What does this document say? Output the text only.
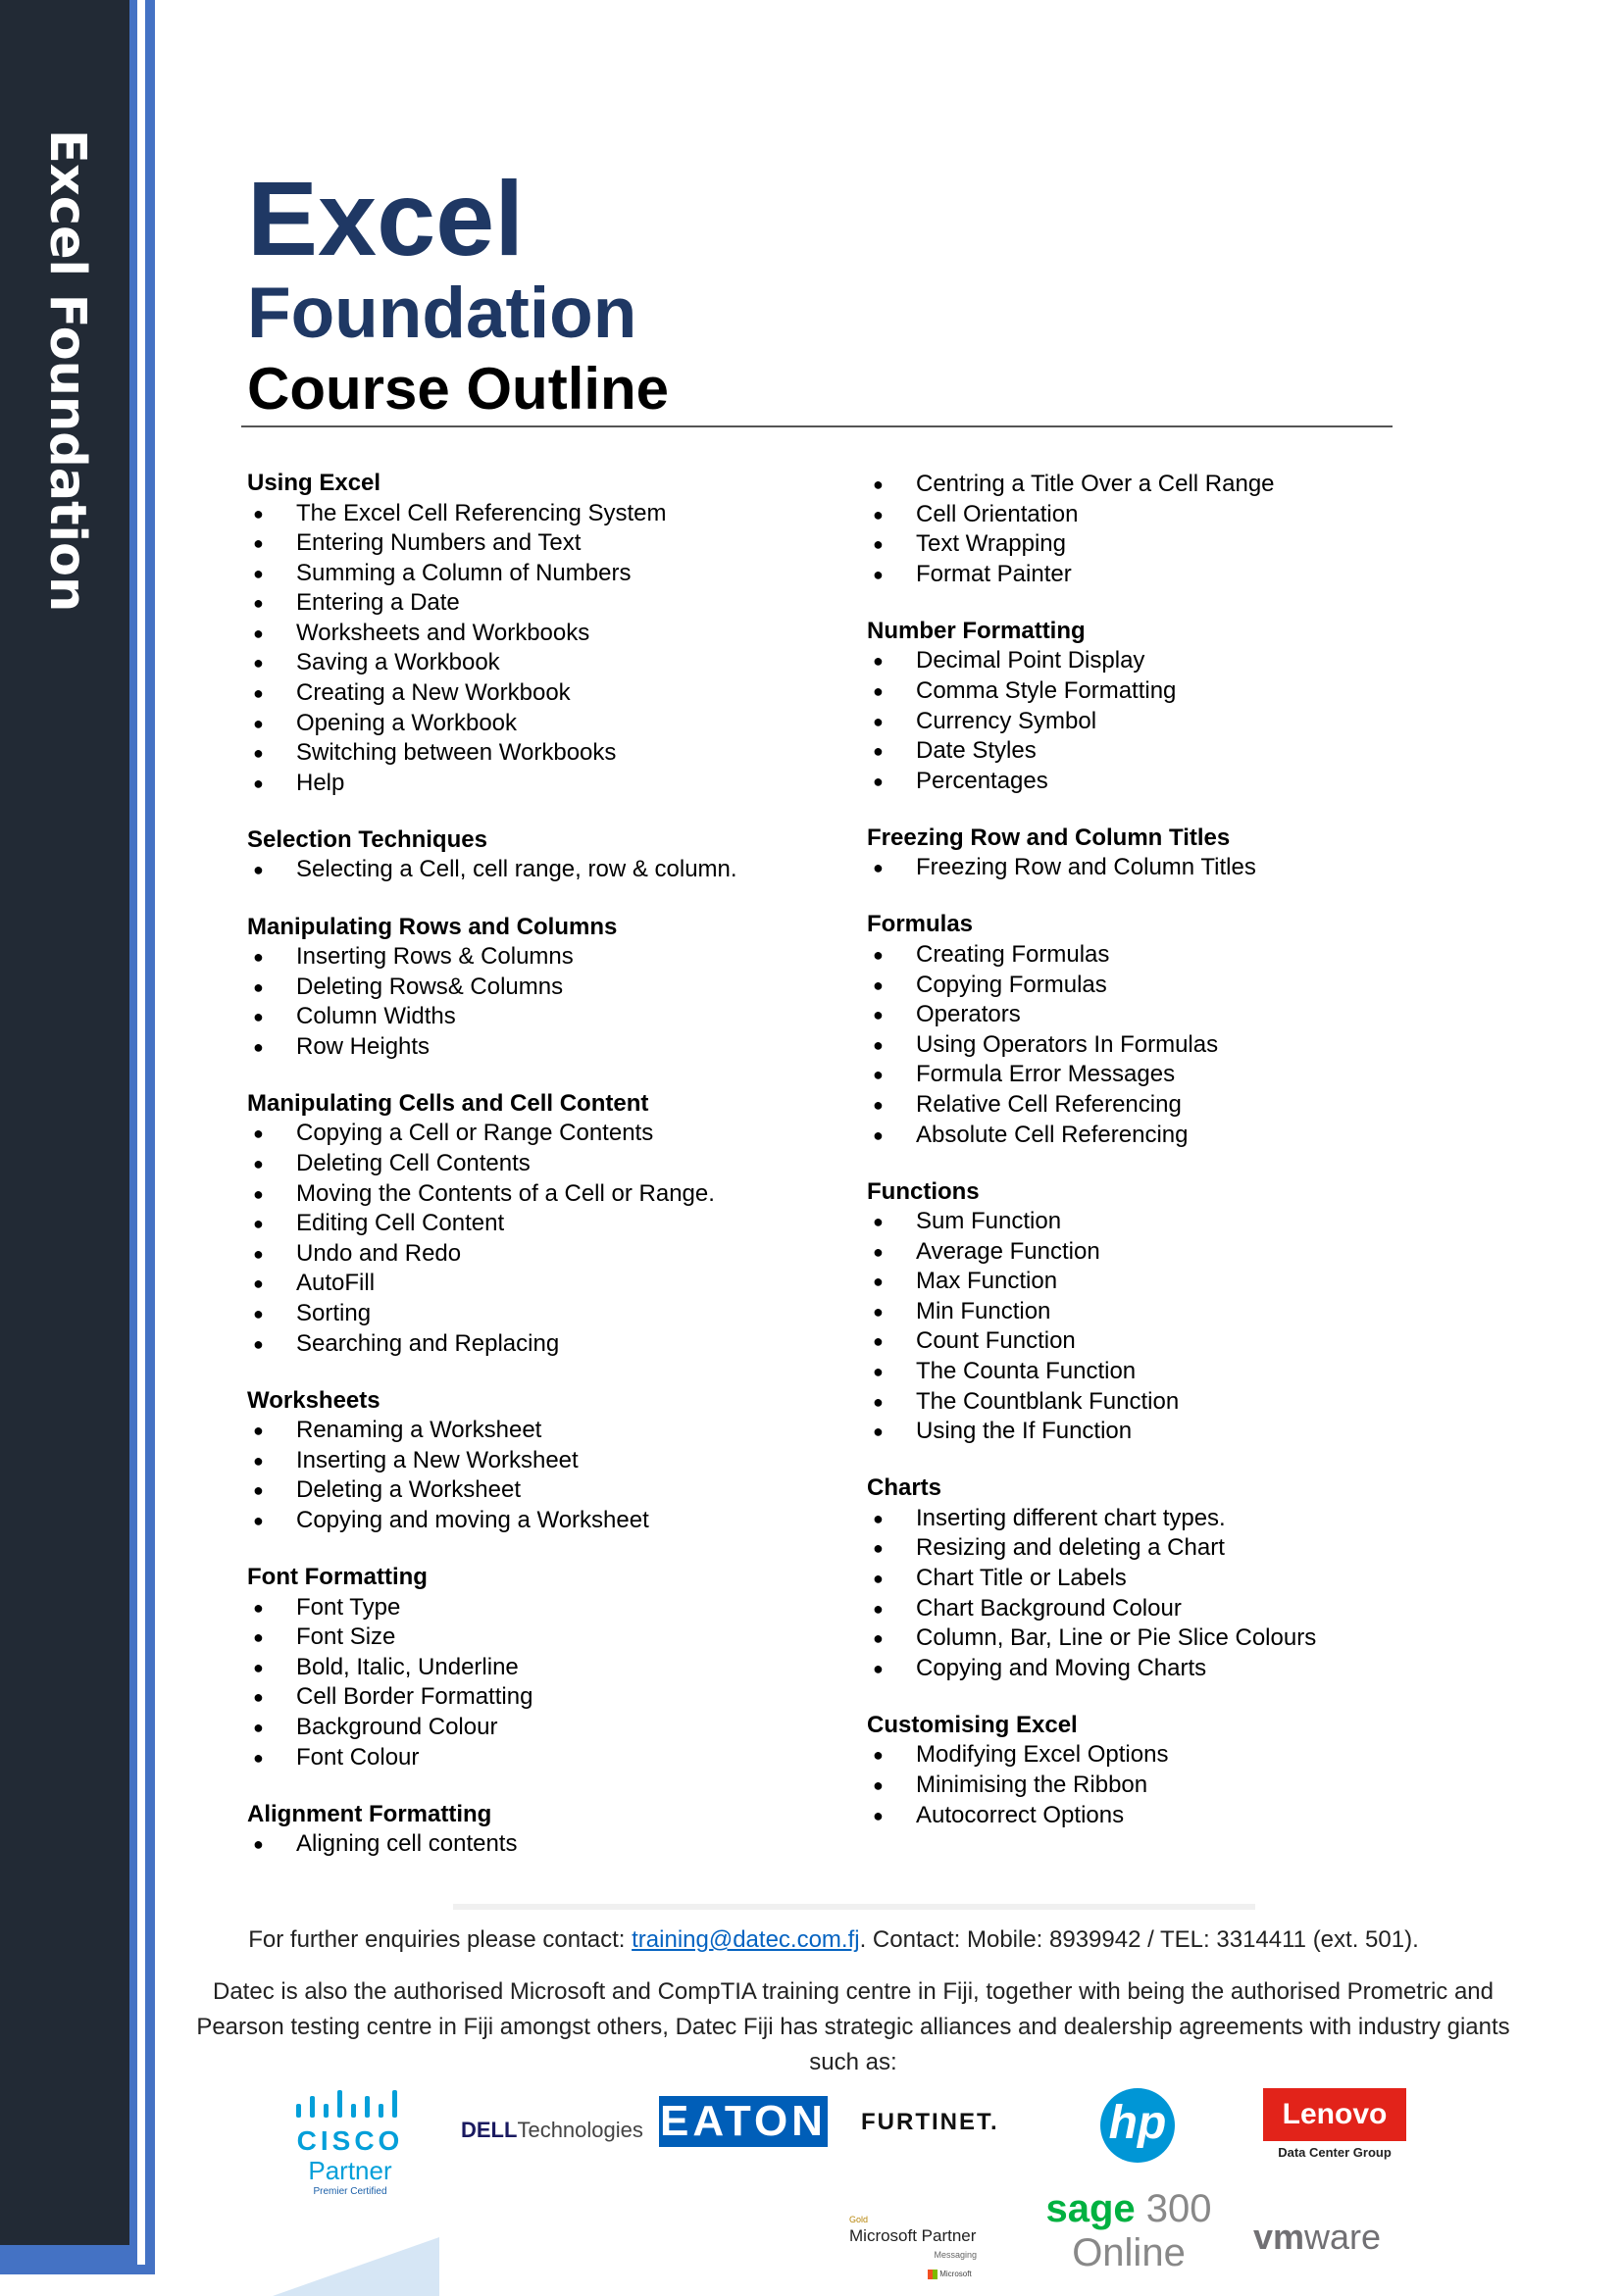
Excel Foundation Excel
Foundation
Course Outline
Using Excel
● The Excel Cell Referencing System
● Entering Numbers and Text
● Summing a Column of Numbers
● Entering a Date
● Worksheets and Workbooks
● Saving a Workbook
● Creating a New Workbook
● Opening a Workbook
● Switching between Workbooks
● Help
Selection Techniques
● Selecting a Cell, cell range, row & column.
Manipulating Rows and Columns
● Inserting Rows & Columns
● Deleting Rows& Columns
● Column Widths
● Row Heights
Manipulating Cells and Cell Content
● Copying a Cell or Range Contents
● Deleting Cell Contents
● Moving the Contents of a Cell or Range.
● Editing Cell Content
● Undo and Redo
● AutoFill
● Sorting
● Searching and Replacing
Worksheets
● Renaming a Worksheet
● Inserting a New Worksheet
● Deleting a Worksheet
● Copying and moving a Worksheet
Font Formatting
● Font Type
● Font Size
● Bold, Italic, Underline
● Cell Border Formatting
● Background Colour
● Font Colour
Alignment Formatting
● Aligning cell contents
● Centring a Title Over a Cell Range
● Cell Orientation
● Text Wrapping
● Format Painter
Number Formatting
● Decimal Point Display
● Comma Style Formatting
● Currency Symbol
● Date Styles
● Percentages
Freezing Row and Column Titles
● Freezing Row and Column Titles
Formulas
● Creating Formulas
● Copying Formulas
● Operators
● Using Operators In Formulas
● Formula Error Messages
● Relative Cell Referencing
● Absolute Cell Referencing
Functions
● Sum Function
● Average Function
● Max Function
● Min Function
● Count Function
● The Counta Function
● The Countblank Function
● Using the If Function
Charts
● Inserting different chart types.
● Resizing and deleting a Chart
● Chart Title or Labels
● Chart Background Colour
● Column, Bar, Line or Pie Slice Colours
● Copying and Moving Charts
Customising Excel
● Modifying Excel Options
● Minimising the Ribbon
● Autocorrect Options
For further enquiries please contact: training@datec.com.fj. Contact: Mobile: 8939942 / TEL: 3314411 (ext. 501).
Datec is also the authorised Microsoft and CompTIA training centre in Fiji, together with being the authorised Prometric and Pearson testing centre in Fiji amongst others, Datec Fiji has strategic alliances and dealership agreements with industry giants such as:
CISCO
Partner
Premier Certified
DELLTechnologies EATON FURTINET. hp	Lenovo
Data Center Group
Gold
Microsoft Partner
Messaging
Microsoft
sage 300
Online	vmware
